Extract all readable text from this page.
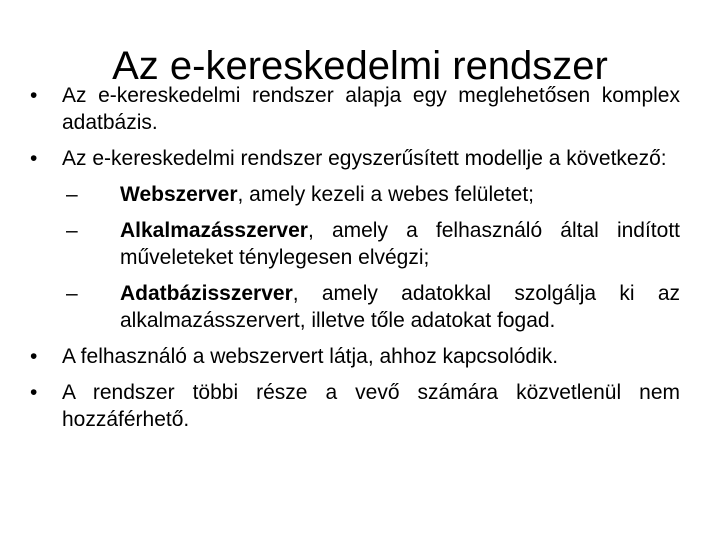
Az e-kereskedelmi rendszer
•	Az e-kereskedelmi rendszer alapja egy meglehetősen komplex adatbázis.
•	Az e-kereskedelmi rendszer egyszerűsített modellje a következő:
–	Webszerver, amely kezeli a webes felületet;
–	Alkalmazásszerver, amely a felhasználó által indított műveleteket ténylegesen elvégzi;
–	Adatbázisszerver, amely adatokkal szolgálja ki az alkalmazásszervert, illetve tőle adatokat fogad.
•	A felhasználó a webszervert látja, ahhoz kapcsolódik.
•	A rendszer többi része a vevő számára közvetlenül nem hozzáférhető.
